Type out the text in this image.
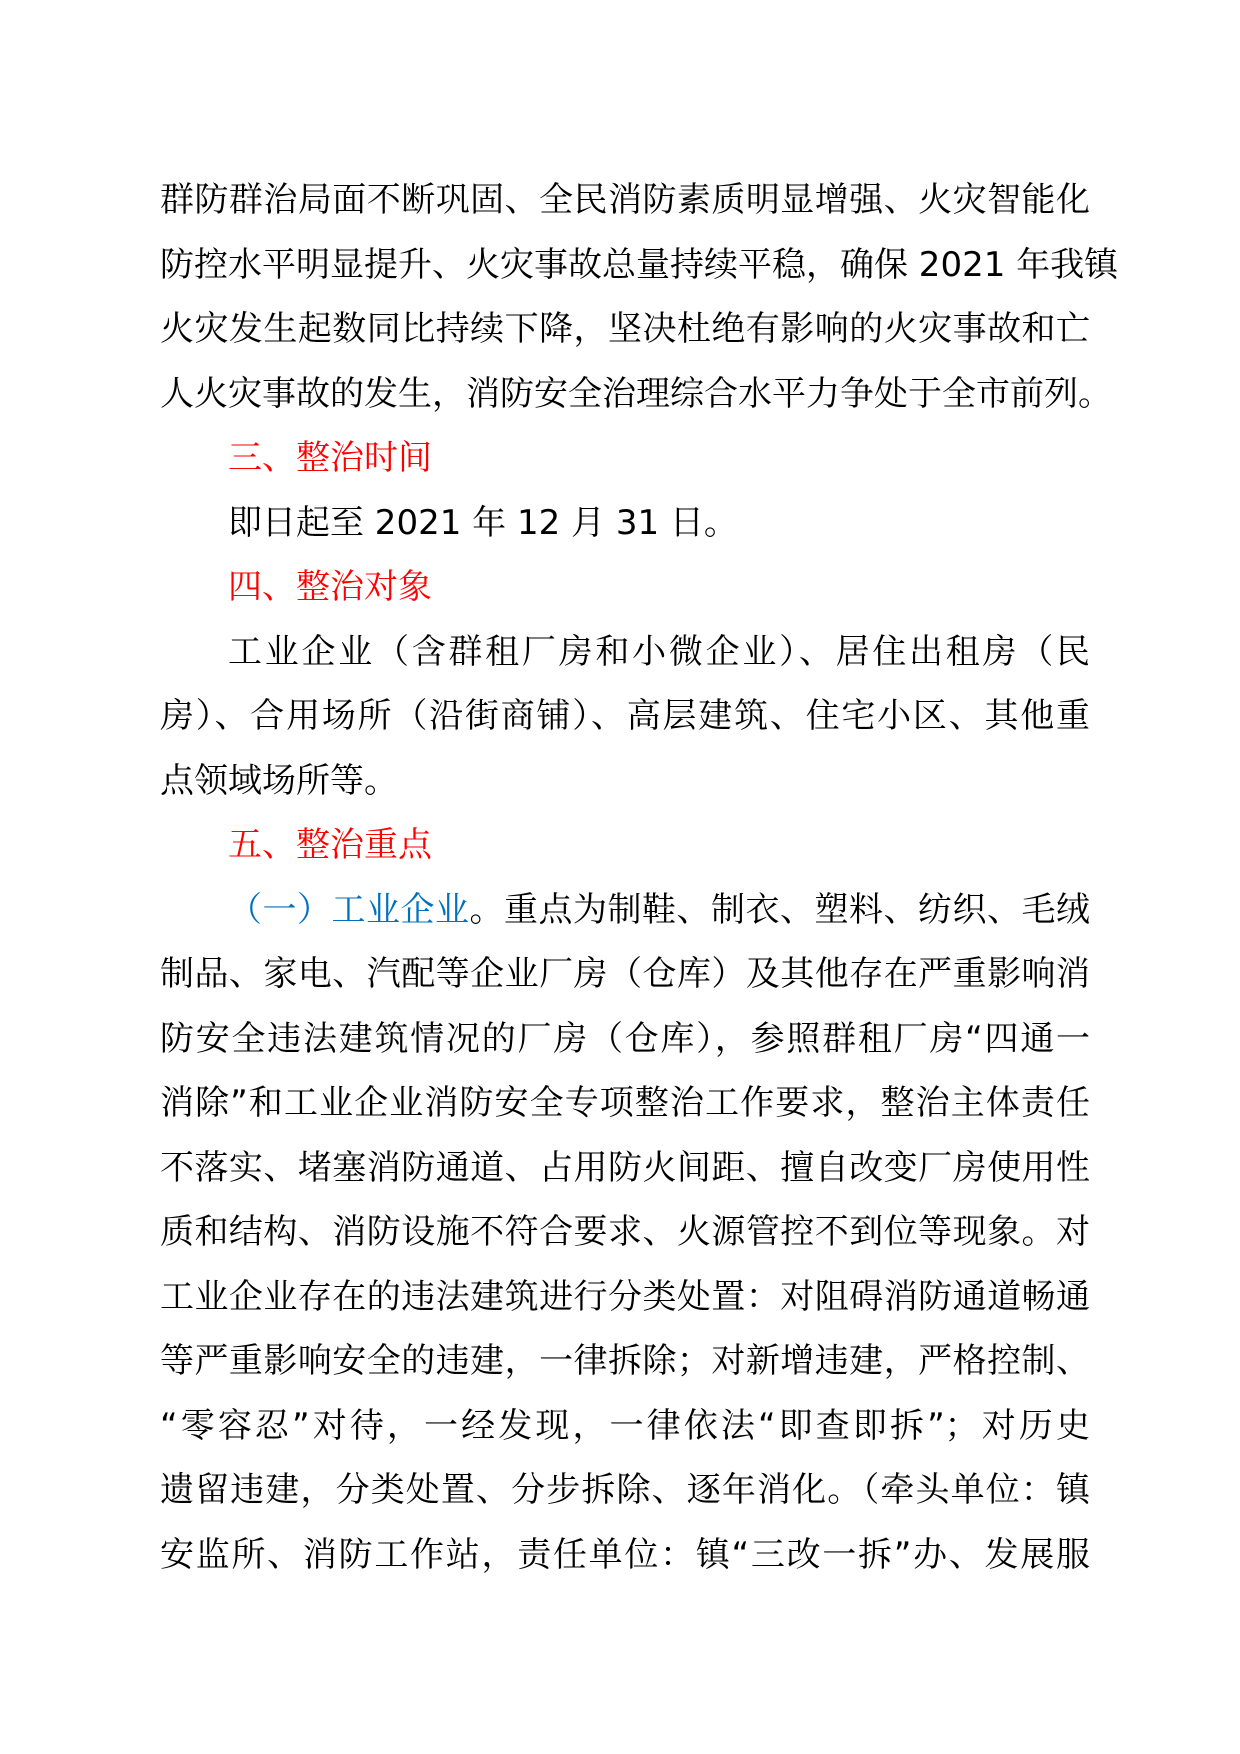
群防群治局面不断巩固、全民消防素质明显增强、火灾智能化
防控水平明显提升、火灾事故总量持续平稳，确保 2021 年我镇
火灾发生起数同比持续下降，坚决杜绝有影响的火灾事故和亡
人火灾事故的发生，消防安全治理综合水平力争处于全市前列。
三、整治时间
即日起至 2021 年 12 月 31 日。
四、整治对象
工业企业（含群租厂房和小微企业）、居住出租房（民
房）、合用场所（沿街商铺）、高层建筑、住宅小区、其他重
点领域场所等。
五、整治重点
（一）工业企业。重点为制鞋、制衣、塑料、纺织、毛绒
制品、家电、汽配等企业厂房（仓库）及其他存在严重影响消
防安全违法建筑情况的厂房（仓库），参照群租厂房“四通一
消除”和工业企业消防安全专项整治工作要求，整治主体责任
不落实、堵塞消防通道、占用防火间距、擅自改变厂房使用性
质和结构、消防设施不符合要求、火源管控不到位等现象。对
工业企业存在的违法建筑进行分类处置：对阻碍消防通道畅通
等严重影响安全的违建，一律拆除；对新增违建，严格控制、
“零容忍”对待，一经发现，一律依法“即查即拆”；对历史
遗留违建，分类处置、分步拆除、逐年消化。（牵头单位：镇
安监所、消防工作站，责任单位：镇“三改一拆”办、发展服
